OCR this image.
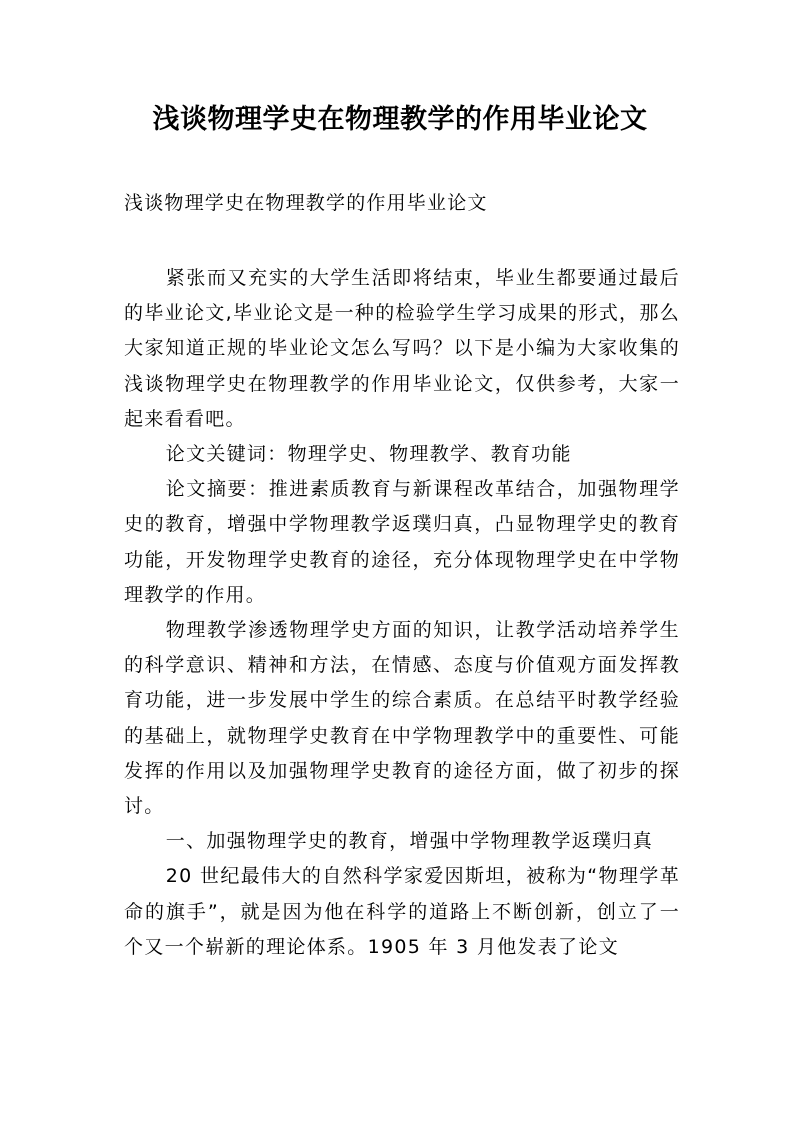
浅谈物理学史在物理教学的作用毕业论文
浅谈物理学史在物理教学的作用毕业论文

紧张而又充实的大学生活即将结束，毕业生都要通过最后的毕业论文,毕业论文是一种的检验学生学习成果的形式，那么大家知道正规的毕业论文怎么写吗？以下是小编为大家收集的浅谈物理学史在物理教学的作用毕业论文，仅供参考，大家一起来看看吧。

论文关键词：物理学史、物理教学、教育功能

论文摘要：推进素质教育与新课程改革结合，加强物理学史的教育，增强中学物理教学返璞归真，凸显物理学史的教育功能，开发物理学史教育的途径，充分体现物理学史在中学物理教学的作用。

物理教学渗透物理学史方面的知识，让教学活动培养学生的科学意识、精神和方法，在情感、态度与价值观方面发挥教育功能，进一步发展中学生的综合素质。在总结平时教学经验的基础上，就物理学史教育在中学物理教学中的重要性、可能发挥的作用以及加强物理学史教育的途径方面，做了初步的探讨。

一、加强物理学史的教育，增强中学物理教学返璞归真

20 世纪最伟大的自然科学家爱因斯坦，被称为“物理学革命的旗手”，就是因为他在科学的道路上不断创新，创立了一个又一个崭新的理论体系。1905 年 3 月他发表了论文
